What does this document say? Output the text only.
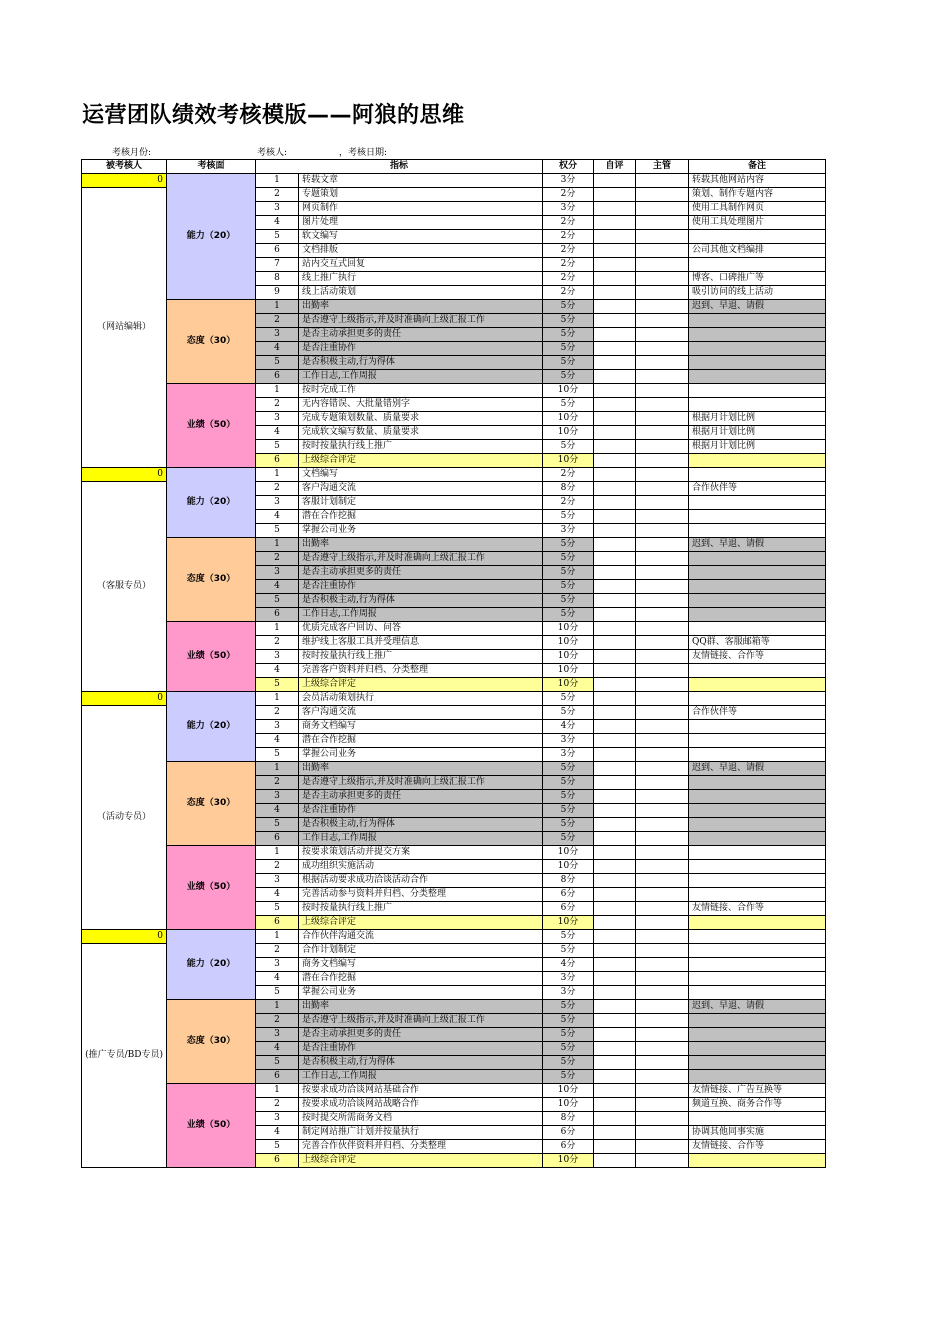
运营团队绩效考核模版——阿狼的思维
考核月份:	考核人:	，考核日期:
被考核人	考核面	指标		权分	自评	主管	备注
0	能力（20）	1	转载文章	3分			转载其他网站内容
（网站编辑）		2	专题策划	2分			策划、制作专题内容
		3	网页制作	3分			使用工具制作网页
		4	图片处理	2分			使用工具处理图片
		5	软文编写	2分			
		6	文档排版	2分			公司其他文档编排
		7	站内交互式回复	2分			
		8	线上推广执行	2分			博客、口碑推广等
		9	线上活动策划	2分			吸引访问的线上活动
	态度（30）	1	出勤率	5分			迟到、早退、请假
		2	是否遵守上级指示,并及时准确向上级汇报工作	5分			
		3	是否主动承担更多的责任	5分			
		4	是否注重协作	5分			
		5	是否积极主动,行为得体	5分			
		6	工作日志,工作周报	5分			
	业绩（50）	1	按时完成工作	10分			
		2	无内容错误、大批量错别字	5分			
		3	完成专题策划数量、质量要求	10分			根据月计划比例
		4	完成软文编写数量、质量要求	10分			根据月计划比例
		5	按时按量执行线上推广	5分			根据月计划比例
		6	上级综合评定	10分			
0	能力（20）	1	文档编写	2分			
（客服专员）		2	客户沟通交流	8分			合作伙伴等
		3	客服计划制定	2分			
		4	潜在合作挖掘	5分			
		5	掌握公司业务	3分			
	态度（30）	1	出勤率	5分			迟到、早退、请假
		2	是否遵守上级指示,并及时准确向上级汇报工作	5分			
		3	是否主动承担更多的责任	5分			
		4	是否注重协作	5分			
		5	是否积极主动,行为得体	5分			
		6	工作日志,工作周报	5分			
	业绩（50）	1	优质完成客户回访、问答	10分			
		2	维护线上客服工具并受理信息	10分			QQ群、客服邮箱等
		3	按时按量执行线上推广	10分			友情链接、合作等
		4	完善客户资料并归档、分类整理	10分			
		5	上级综合评定	10分			
0	能力（20）	1	会员活动策划执行	5分			
（活动专员）		2	客户沟通交流	5分			合作伙伴等
		3	商务文档编写	4分			
		4	潜在合作挖掘	3分			
		5	掌握公司业务	3分			
	态度（30）	1	出勤率	5分			迟到、早退、请假
		2	是否遵守上级指示,并及时准确向上级汇报工作	5分			
		3	是否主动承担更多的责任	5分			
		4	是否注重协作	5分			
		5	是否积极主动,行为得体	5分			
		6	工作日志,工作周报	5分			
	业绩（50）	1	按要求策划活动并提交方案	10分			
		2	成功组织实施活动	10分			
		3	根据活动要求成功洽谈活动合作	8分			
		4	完善活动参与资料并归档、分类整理	6分			
		5	按时按量执行线上推广	6分			友情链接、合作等
		6	上级综合评定	10分			
0	能力（20）	1	合作伙伴沟通交流	5分			
(推广专员/BD专员)		2	合作计划制定	5分			
		3	商务文档编写	4分			
		4	潜在合作挖掘	3分			
		5	掌握公司业务	3分			
	态度（30）	1	出勤率	5分			迟到、早退、请假
		2	是否遵守上级指示,并及时准确向上级汇报工作	5分			
		3	是否主动承担更多的责任	5分			
		4	是否注重协作	5分			
		5	是否积极主动,行为得体	5分			
		6	工作日志,工作周报	5分			
	业绩（50）	1	按要求成功洽谈网站基础合作	10分			友情链接、广告互换等
		2	按要求成功洽谈网站战略合作	10分			频道互换、商务合作等
		3	按时提交所需商务文档	8分			
		4	制定网站推广计划并按量执行	6分			协调其他同事实施
		5	完善合作伙伴资料并归档、分类整理	6分			友情链接、合作等
		6	上级综合评定	10分			
